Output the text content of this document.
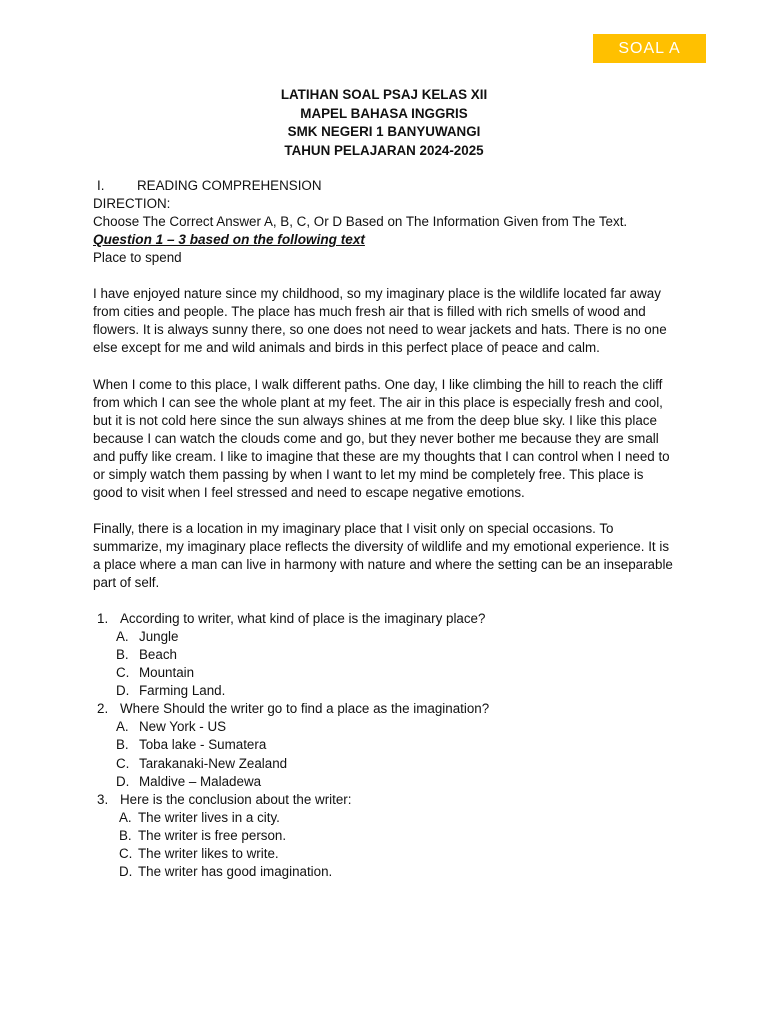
SOAL A
LATIHAN SOAL PSAJ KELAS XII
MAPEL BAHASA INGGRIS
SMK NEGERI 1 BANYUWANGI
TAHUN PELAJARAN 2024-2025
I. READING COMPREHENSION
DIRECTION:
Choose The Correct Answer A, B, C, Or D Based on The Information Given from The Text.
Question 1 – 3 based on the following text
Place to spend

I have enjoyed nature since my childhood, so my imaginary place is the wildlife located far away from cities and people. The place has much fresh air that is filled with rich smells of wood and flowers. It is always sunny there, so one does not need to wear jackets and hats. There is no one else except for me and wild animals and birds in this perfect place of peace and calm.

When I come to this place, I walk different paths. One day, I like climbing the hill to reach the cliff from which I can see the whole plant at my feet. The air in this place is especially fresh and cool, but it is not cold here since the sun always shines at me from the deep blue sky. I like this place because I can watch the clouds come and go, but they never bother me because they are small and puffy like cream. I like to imagine that these are my thoughts that I can control when I need to or simply watch them passing by when I want to let my mind be completely free. This place is good to visit when I feel stressed and need to escape negative emotions.

Finally, there is a location in my imaginary place that I visit only on special occasions. To summarize, my imaginary place reflects the diversity of wildlife and my emotional experience. It is a place where a man can live in harmony with nature and where the setting can be an inseparable part of self.

1. According to writer, what kind of place is the imaginary place?
A. Jungle
B. Beach
C. Mountain
D. Farming Land.
2. Where Should the writer go to find a place as the imagination?
A. New York - US
B. Toba lake - Sumatera
C. Tarakanaki-New Zealand
D. Maldive – Maladewa
3. Here is the conclusion about the writer:
A. The writer lives in a city.
B. The writer is free person.
C. The writer likes to write.
D. The writer has good imagination.
